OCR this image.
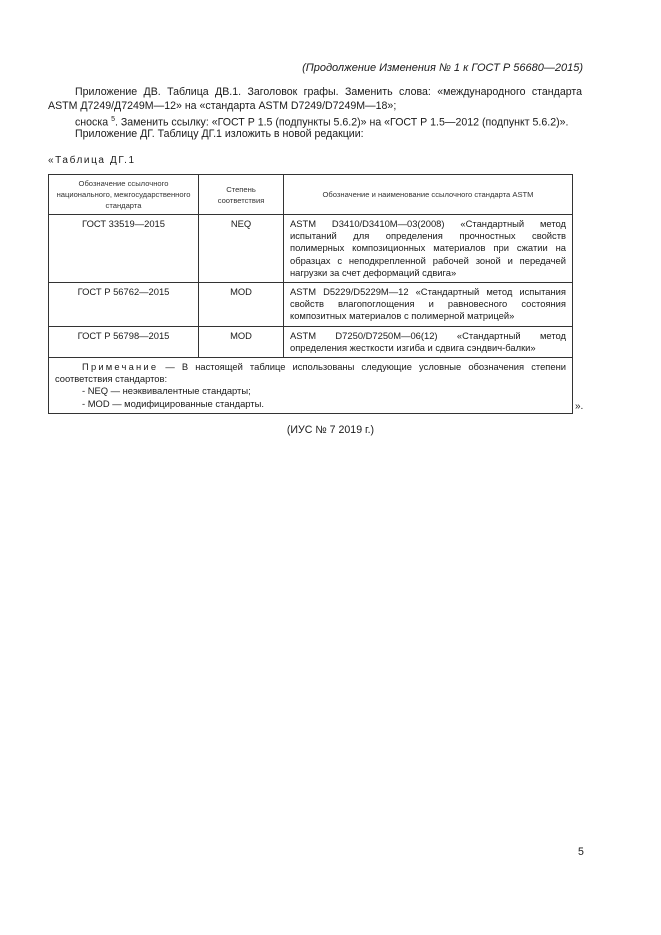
(Продолжение Изменения № 1 к ГОСТ Р 56680—2015)
Приложение ДВ. Таблица ДВ.1. Заголовок графы. Заменить слова: «международного стандарта
ASTM Д7249/Д7249М—12» на «стандарта ASTM D7249/D7249M—18»;
сноска $^5$. Заменить ссылку: «ГОСТ Р 1.5 (подпункты 5.6.2)» на «ГОСТ Р 1.5—2012 (подпункт 5.6.2)».
Приложение ДГ. Таблицу ДГ.1 изложить в новой редакции:
«Таблица ДГ.1
Обозначение ссылочного национального, межгосударственного стандарта	Степень соответствия	Обозначение и наименование ссылочного стандарта ASTM
ГОСТ 33519—2015	NEQ	ASTM D3410/D3410M—03(2008) «Стандартный метод испытаний для определения прочностных свойств полимерных композиционных материалов при сжатии на образцах с неподкрепленной рабочей зоной и передачей нагрузки за счет деформаций сдвига»
ГОСТ Р 56762—2015	MOD	ASTM D5229/D5229M—12 «Стандартный метод испытания свойств влагопоглощения и равновесного состояния композитных материалов с полимерной матрицей»
ГОСТ Р 56798—2015	MOD	ASTM D7250/D7250M—06(12) «Стандартный метод определения жесткости изгиба и сдвига сэндвич-балки»

Примечание — В настоящей таблице использованы следующие условные обозначения степени соответствия стандартов:
- NEQ — неэквивалентные стандарты;
- MOD — модифицированные стандарты.			».
(ИУС № 7 2019 г.)
5
